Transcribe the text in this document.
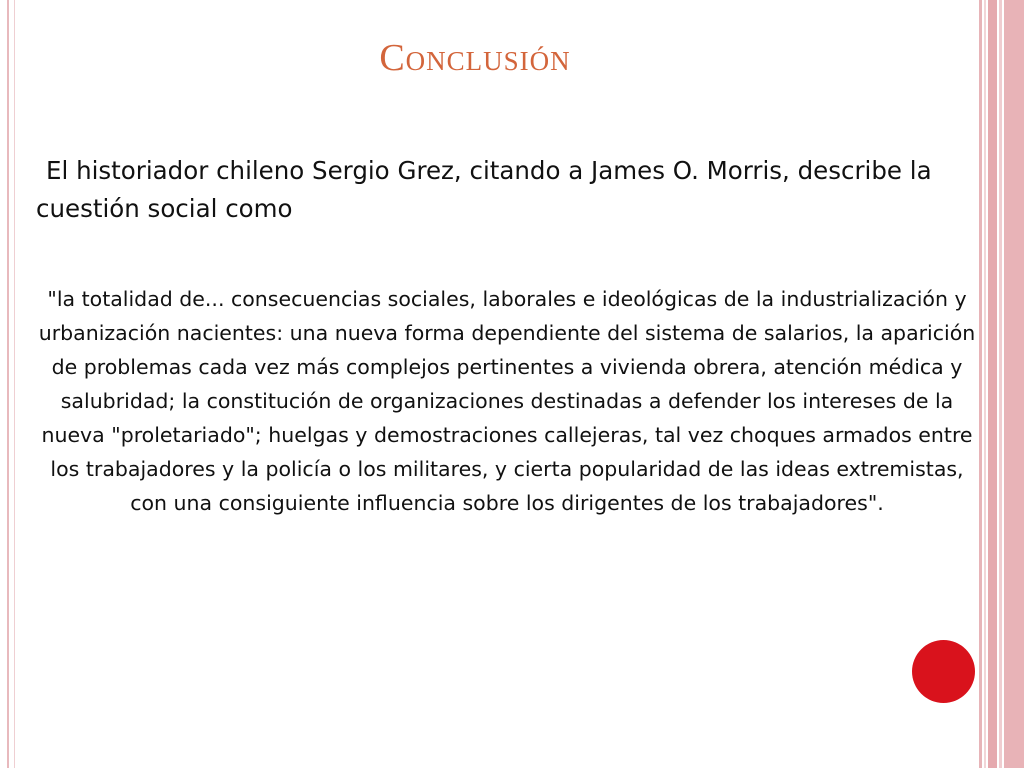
Conclusión
El historiador chileno Sergio Grez, citando a James O. Morris, describe la cuestión social como
"la totalidad de... consecuencias sociales, laborales e ideológicas de la industrialización y urbanización nacientes: una nueva forma dependiente del sistema de salarios, la aparición de problemas cada vez más complejos pertinentes a vivienda obrera, atención médica y salubridad; la constitución de organizaciones destinadas a defender los intereses de la nueva "proletariado"; huelgas y demostraciones callejeras, tal vez choques armados entre los trabajadores y la policía o los militares, y cierta popularidad de las ideas extremistas, con una consiguiente influencia sobre los dirigentes de los trabajadores".
